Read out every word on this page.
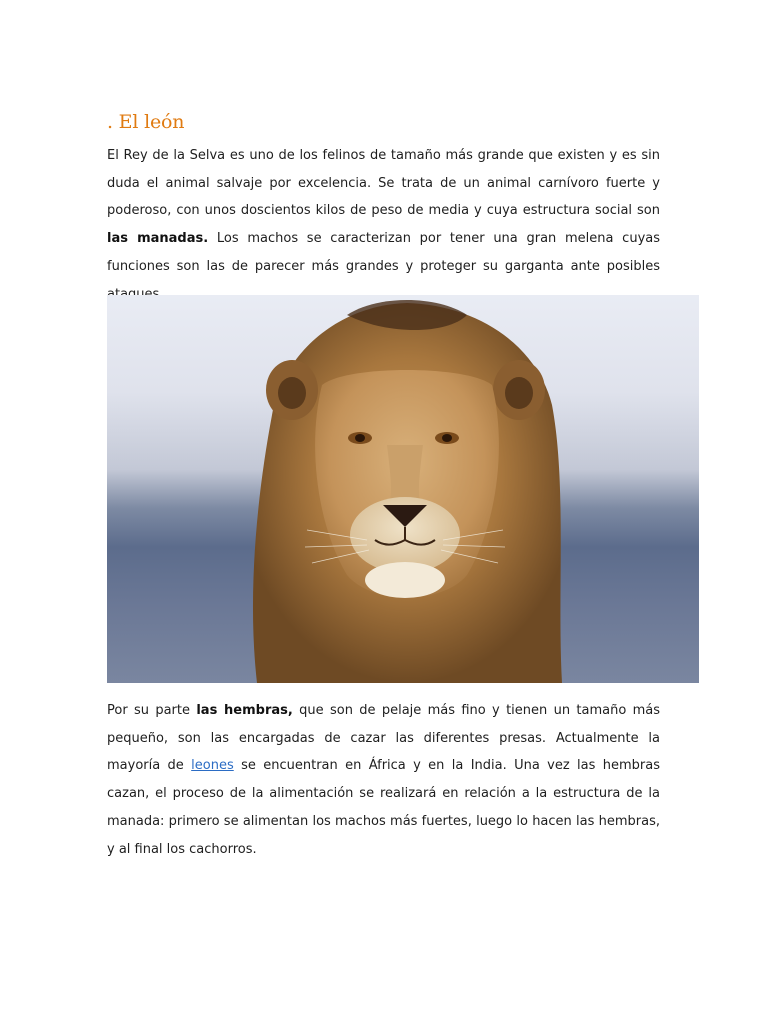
. El león

El Rey de la Selva es uno de los felinos de tamaño más grande que existen y es sin duda el animal salvaje por excelencia. Se trata de un animal carnívoro fuerte y poderoso, con unos doscientos kilos de peso de media y cuya estructura social son las manadas. Los machos se caracterizan por tener una gran melena cuyas funciones son las de parecer más grandes y proteger su garganta ante posibles

Por su parte las hembras, que son de pelaje más fino y tienen un tamaño más pequeño, son las encargadas de cazar las diferentes presas. Actualmente la mayoría de leones se encuentran en África y en la India. Una vez las hembras cazan, el proceso de la alimentación se realizará en relación a la estructura de la manada: primero se alimentan los machos más fuertes, luego lo hacen las hembras, y al final los cachorros.
